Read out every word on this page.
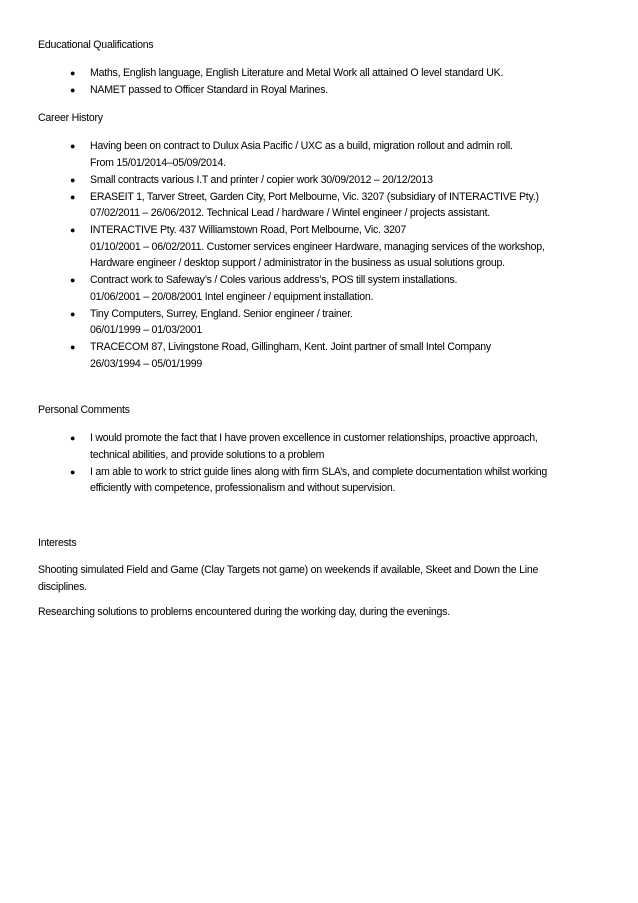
Educational Qualifications
● Maths, English language, English Literature and Metal Work all attained O level standard UK.
● NAMET passed to Officer Standard in Royal Marines.
Career History
● Having been on contract to Dulux Asia Pacific / UXC as a build, migration rollout and admin roll.
From 15/01/2014–05/09/2014.
● Small contracts various I.T and printer / copier work 30/09/2012 – 20/12/2013
● ERASEIT 1, Tarver Street, Garden City, Port Melbourne, Vic. 3207 (subsidiary of INTERACTIVE Pty.)
07/02/2011 – 26/06/2012. Technical Lead / hardware / Wintel engineer / projects assistant.
● INTERACTIVE Pty. 437 Williamstown Road, Port Melbourne, Vic. 3207
01/10/2001 – 06/02/2011. Customer services engineer Hardware, managing services of the workshop,
Hardware engineer / desktop support / administrator in the business as usual solutions group.
● Contract work to Safeway’s / Coles various address’s, POS till system installations.
01/06/2001 – 20/08/2001 Intel engineer / equipment installation.
● Tiny Computers, Surrey, England. Senior engineer / trainer.
06/01/1999 – 01/03/2001
● TRACECOM 87, Livingstone Road, Gillingham, Kent. Joint partner of small Intel Company
26/03/1994 – 05/01/1999
Personal Comments
● I would promote the fact that I have proven excellence in customer relationships, proactive approach,
technical abilities, and provide solutions to a problem
● I am able to work to strict guide lines along with firm SLA’s, and complete documentation whilst working
efficiently with competence, professionalism and without supervision.
Interests

Shooting simulated Field and Game (Clay Targets not game) on weekends if available, Skeet and Down the Line disciplines.

Researching solutions to problems encountered during the working day, during the evenings.
